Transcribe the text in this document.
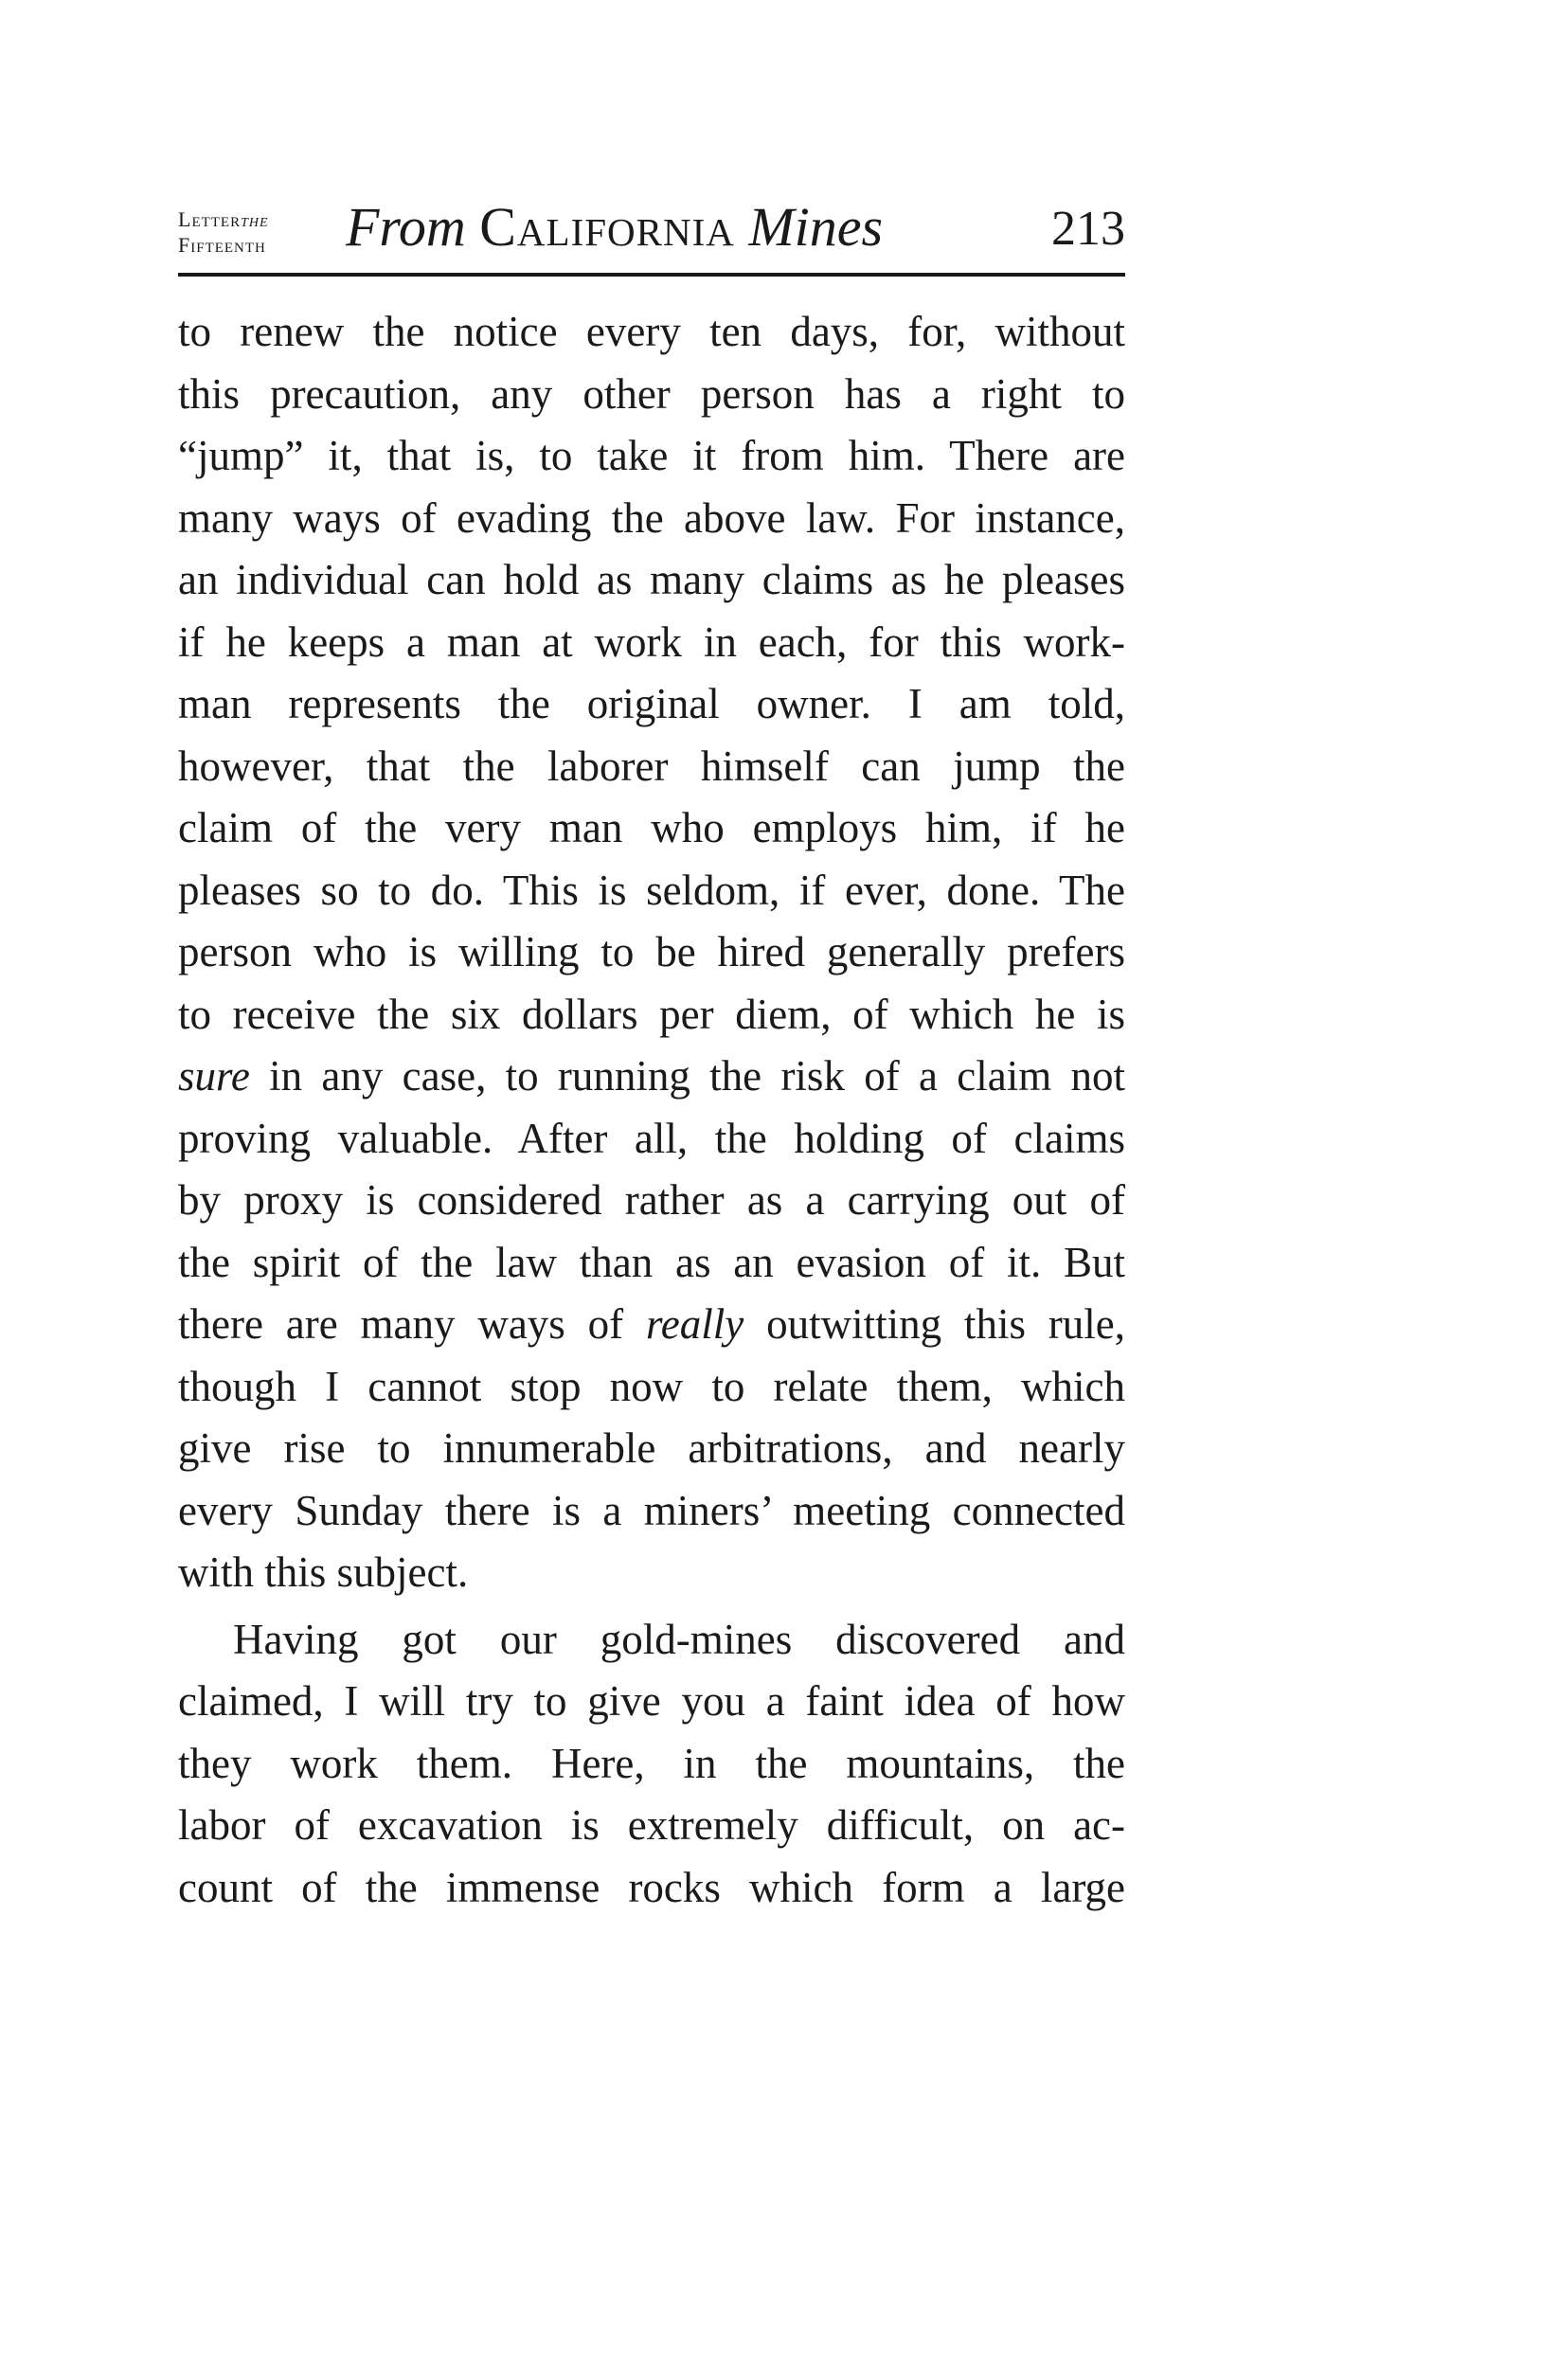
Letterthe
Fifteenth From California Mines	213
to renew the notice every ten days, for, without
this precaution, any other person has a right to
“jump” it, that is, to take it from him. There are
many ways of evading the above law. For instance,
an individual can hold as many claims as he pleases
if he keeps a man at work in each, for this work-
man represents the original owner. I am told,
however, that the laborer himself can jump the
claim of the very man who employs him, if he
pleases so to do. This is seldom, if ever, done. The
person who is willing to be hired generally prefers
to receive the six dollars per diem, of which he is
sure in any case, to running the risk of a claim not
proving valuable. After all, the holding of claims
by proxy is considered rather as a carrying out of
the spirit of the law than as an evasion of it. But
there are many ways of really outwitting this rule,
though I cannot stop now to relate them, which
give rise to innumerable arbitrations, and nearly
every Sunday there is a miners’ meeting connected
with this subject.
Having got our gold-mines discovered and
claimed, I will try to give you a faint idea of how
they work them. Here, in the mountains, the
labor of excavation is extremely difficult, on ac-
count of the immense rocks which form a large
